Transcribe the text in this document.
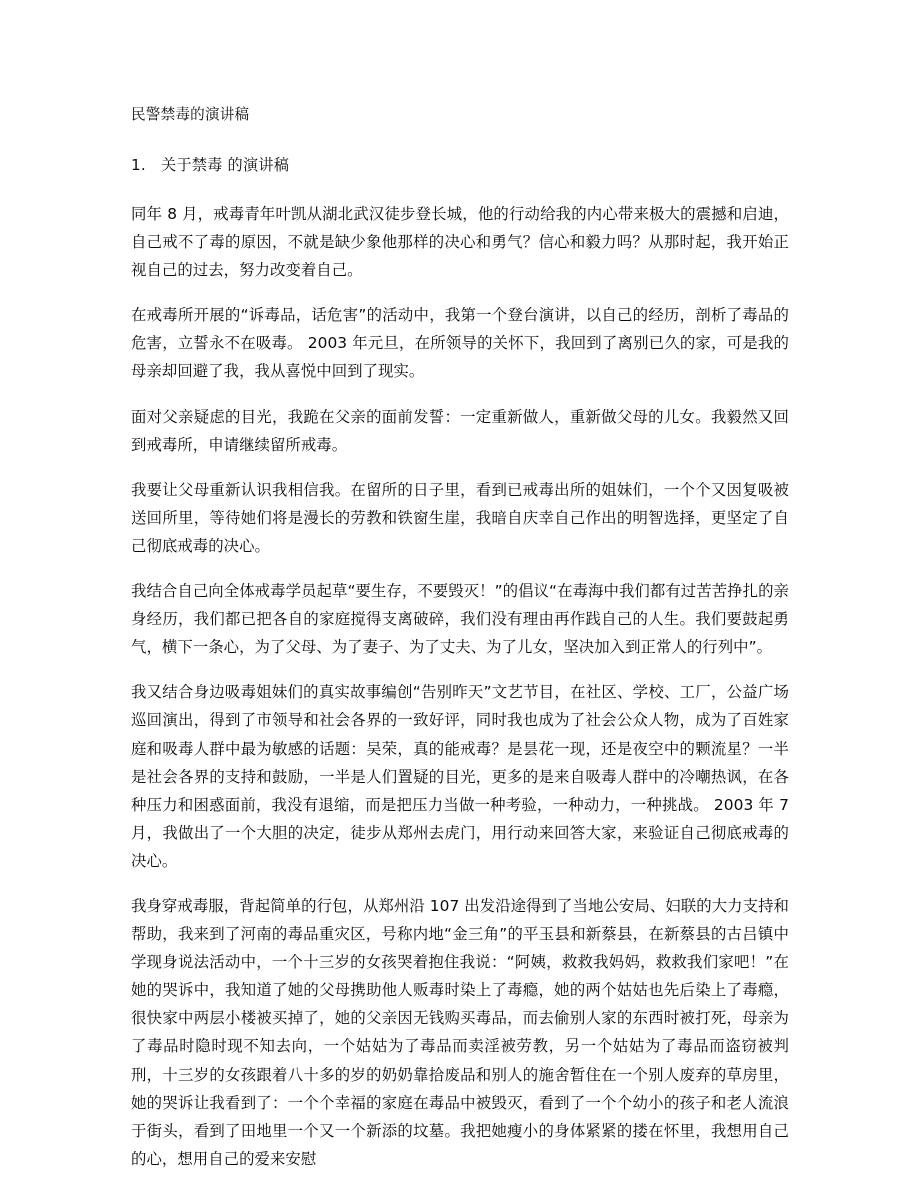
民警禁毒的演讲稿
1.   关于禁毒 的演讲稿

同年 8 月，戒毒青年叶凯从湖北武汉徒步登长城，他的行动给我的内心带来极大的震撼和启迪，自己戒不了毒的原因，不就是缺少象他那样的决心和勇气？信心和毅力吗？从那时起，我开始正视自己的过去，努力改变着自己。

在戒毒所开展的“诉毒品，话危害”的活动中，我第一个登台演讲，以自己的经历，剖析了毒品的危害，立誓永不在吸毒。 2003 年元旦，在所领导的关怀下，我回到了离别已久的家，可是我的母亲却回避了我，我从喜悦中回到了现实。

面对父亲疑虑的目光，我跪在父亲的面前发誓：一定重新做人，重新做父母的儿女。我毅然又回到戒毒所，申请继续留所戒毒。

我要让父母重新认识我相信我。在留所的日子里，看到已戒毒出所的姐妹们，一个个又因复吸被送回所里，等待她们将是漫长的劳教和铁窗生崖，我暗自庆幸自己作出的明智选择，更坚定了自己彻底戒毒的决心。

我结合自己向全体戒毒学员起草“要生存，不要毁灭！”的倡议“在毒海中我们都有过苦苦挣扎的亲身经历，我们都已把各自的家庭搅得支离破碎，我们没有理由再作践自己的人生。我们要鼓起勇气，横下一条心，为了父母、为了妻子、为了丈夫、为了儿女，坚决加入到正常人的行列中”。

我又结合身边吸毒姐妹们的真实故事编创“告别昨天”文艺节目，在社区、学校、工厂，公益广场巡回演出，得到了市领导和社会各界的一致好评，同时我也成为了社会公众人物，成为了百姓家庭和吸毒人群中最为敏感的话题：吴荣，真的能戒毒？是昙花一现，还是夜空中的颗流星？一半是社会各界的支持和鼓励，一半是人们置疑的目光，更多的是来自吸毒人群中的冷嘲热讽，在各种压力和困惑面前，我没有退缩，而是把压力当做一种考验，一种动力，一种挑战。 2003 年 7 月，我做出了一个大胆的决定，徒步从郑州去虎门，用行动来回答大家，来验证自己彻底戒毒的决心。

我身穿戒毒服，背起简单的行包，从郑州沿 107 出发沿途得到了当地公安局、妇联的大力支持和帮助，我来到了河南的毒品重灾区，号称内地“金三角”的平玉县和新蔡县，在新蔡县的古吕镇中学现身说法活动中，一个十三岁的女孩哭着抱住我说：“阿姨，救救我妈妈，救救我们家吧！”在她的哭诉中，我知道了她的父母携助他人贩毒时染上了毒瘾，她的两个姑姑也先后染上了毒瘾，很快家中两层小楼被买掉了，她的父亲因无钱购买毒品，而去偷别人家的东西时被打死，母亲为了毒品时隐时现不知去向，一个姑姑为了毒品而卖淫被劳教，另一个姑姑为了毒品而盗窃被判刑，十三岁的女孩跟着八十多的岁的奶奶靠拾废品和别人的施舍暂住在一个别人废弃的草房里，她的哭诉让我看到了：一个个幸福的家庭在毒品中被毁灭，看到了一个个幼小的孩子和老人流浪于街头，看到了田地里一个又一个新添的坟墓。我把她瘦小的身体紧紧的搂在怀里，我想用自己的心，想用自己的爱来安慰
